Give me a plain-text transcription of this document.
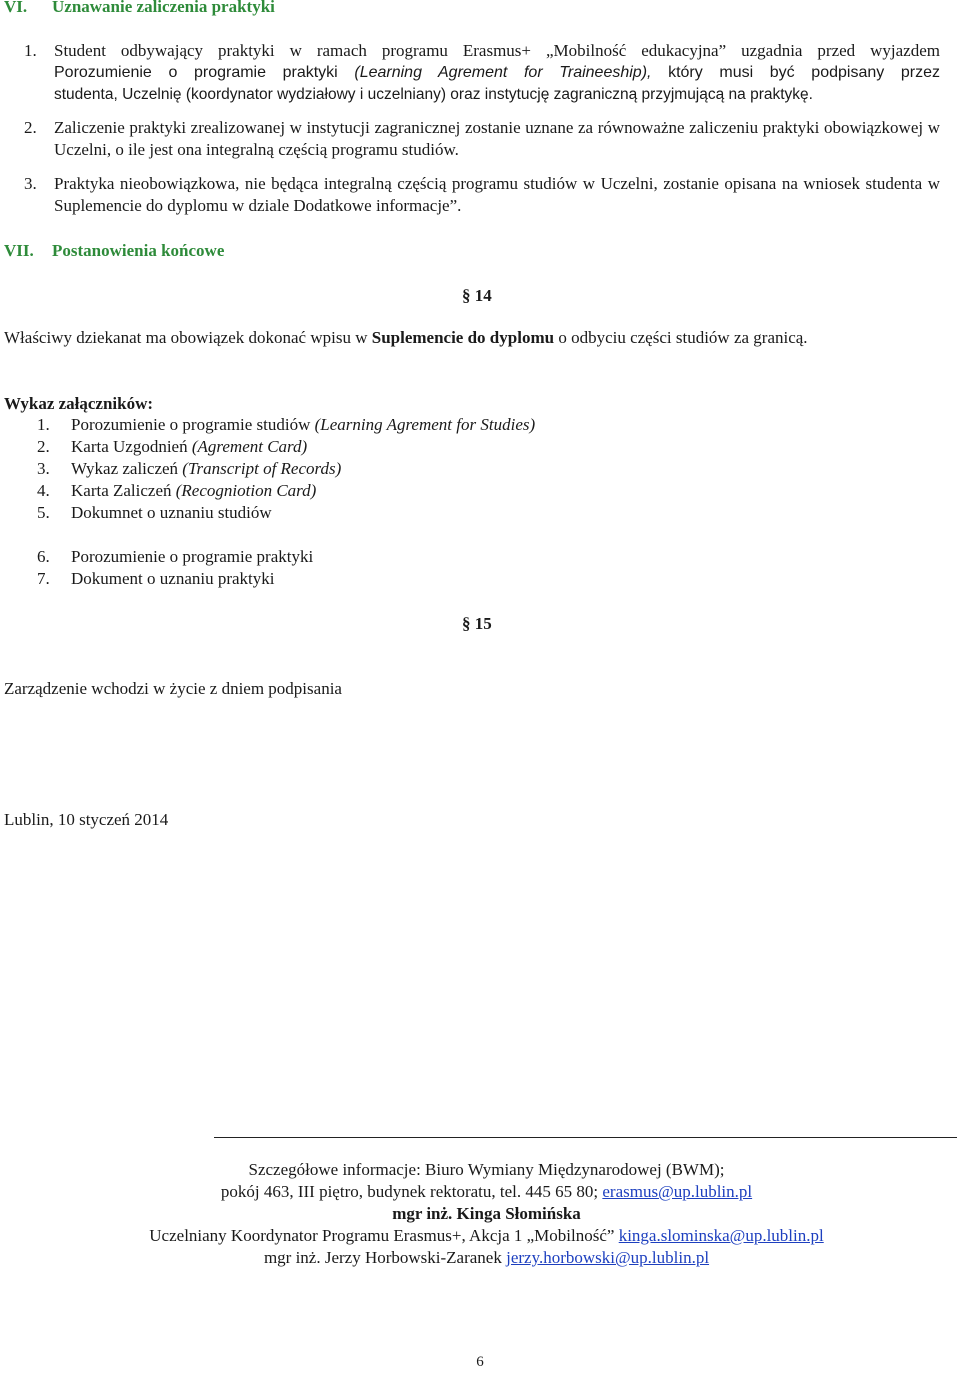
VI. Uznawanie zaliczenia praktyki
1. Student odbywający praktyki w ramach programu Erasmus+ „Mobilność edukacyjna” uzgadnia przed wyjazdem
Porozumienie o programie praktyki (Learning Agrement for Traineeship), który musi być podpisany przez
studenta, Uczelnię (koordynator wydziałowy i uczelniany) oraz instytucję zagraniczną przyjmującą na praktykę.
2. Zaliczenie praktyki zrealizowanej w instytucji zagranicznej zostanie uznane za równoważne zaliczeniu praktyki obowiązkowej w Uczelni, o ile jest ona integralną częścią programu studiów.
3. Praktyka nieobowiązkowa, nie będąca integralną częścią programu studiów w Uczelni, zostanie opisana na wniosek studenta w Suplemencie do dyplomu w dziale Dodatkowe informacje”.
VII. Postanowienia końcowe
§ 14
Właściwy dziekanat ma obowiązek dokonać wpisu w Suplemencie do dyplomu o odbyciu części studiów za granicą.
Wykaz załączników:
1. Porozumienie o programie studiów (Learning Agrement for Studies)
2. Karta Uzgodnień (Agrement Card)
3. Wykaz zaliczeń (Transcript of Records)
4. Karta Zaliczeń (Recogniotion Card)
5. Dokumnet o uznaniu studiów
6. Porozumienie o programie praktyki
7. Dokument o uznaniu praktyki
§ 15
Zarządzenie wchodzi w życie z dniem podpisania
Lublin, 10 styczeń 2014
Szczegółowe informacje: Biuro Wymiany Międzynarodowej (BWM);
pokój 463, III piętro, budynek rektoratu, tel. 445 65 80; erasmus@up.lublin.pl
mgr inż. Kinga Słomińska
Uczelniany Koordynator Programu Erasmus+, Akcja 1 „Mobilność” kinga.slominska@up.lublin.pl
mgr inż. Jerzy Horbowski-Zaranek jerzy.horbowski@up.lublin.pl
6
